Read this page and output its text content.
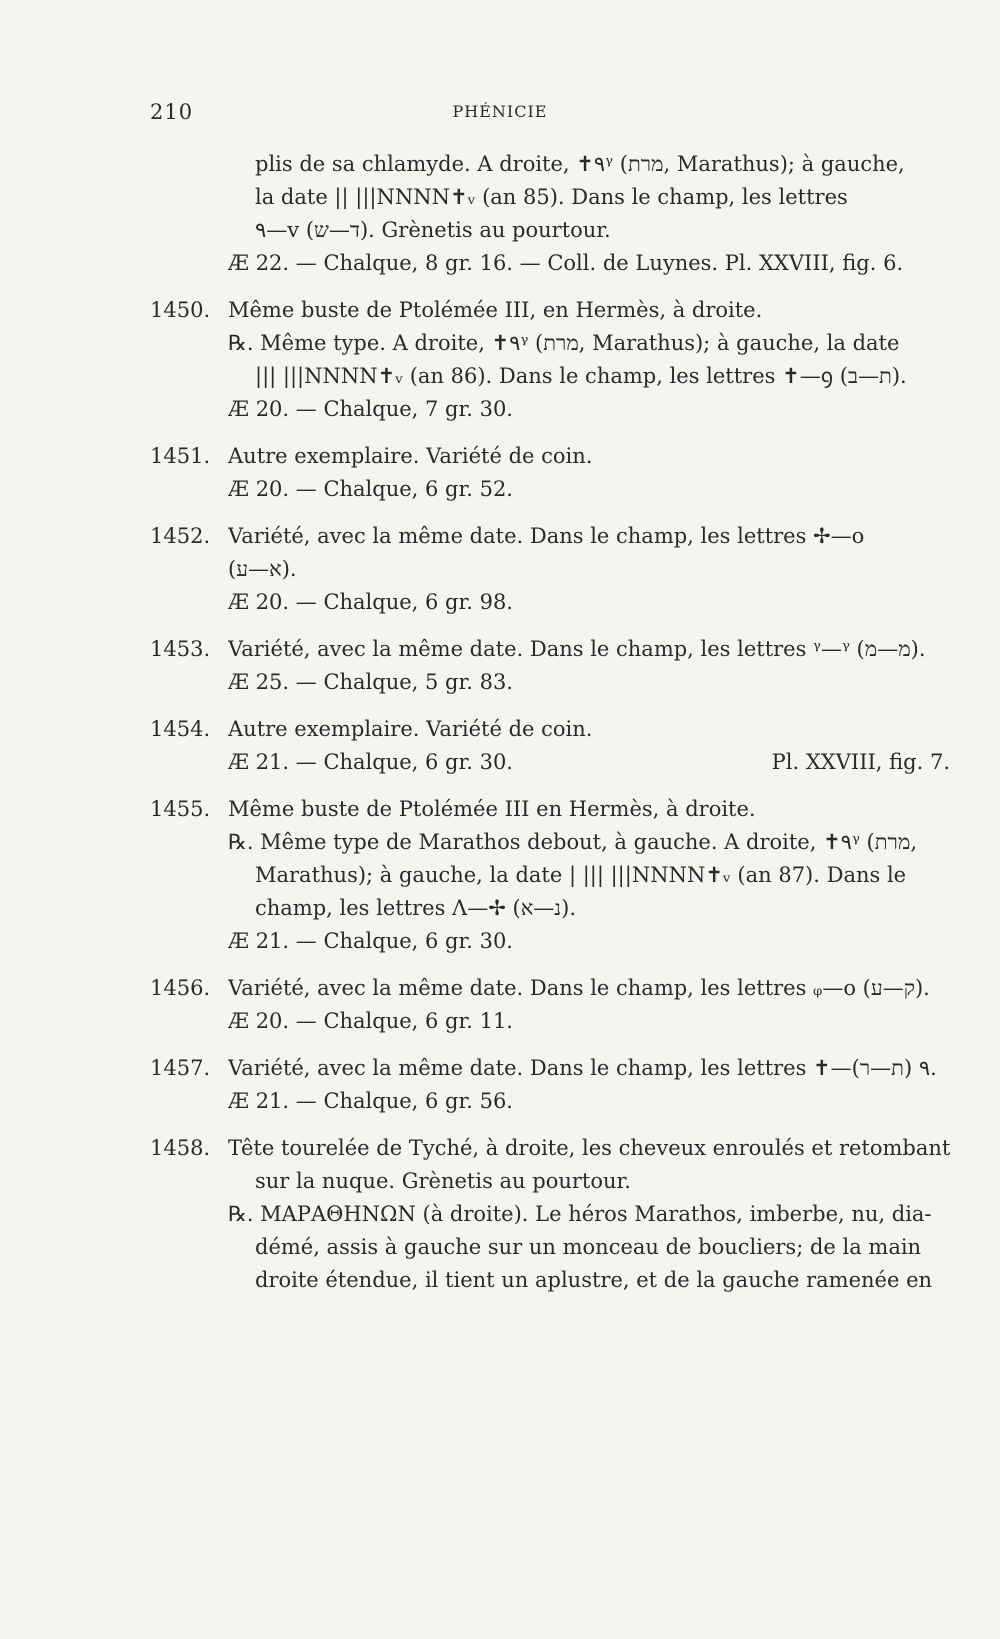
210	PHÉNICIE
plis de sa chlamyde. A droite, ✝٩ᵞ (מרת, Marathus); à gauche,
la date || |||ΝΝΝΝ✝ᵥ (an 85). Dans le champ, les lettres
٩—ᴠ (ד—ש). Grènetis au pourtour.
Æ 22. — Chalque, 8 gr. 16. — Coll. de Luynes. Pl. XXVIII, fig. 6.
1450. Même buste de Ptolémée III, en Hermès, à droite.
℞. Même type. A droite, ✝٩ᵞ (מרת, Marathus); à gauche, la date
||| |||ΝΝΝΝ✝ᵥ (an 86). Dans le champ, les lettres ✝—ꝯ (ת—ב).
Æ 20. — Chalque, 7 gr. 30.
1451. Autre exemplaire. Variété de coin.
Æ 20. — Chalque, 6 gr. 52.
1452. Variété, avec la même date. Dans le champ, les lettres ✢—ᴏ
(א—ע).
Æ 20. — Chalque, 6 gr. 98.
1453. Variété, avec la même date. Dans le champ, les lettres ᵞ—ᵞ (מ—מ).
Æ 25. — Chalque, 5 gr. 83.
1454. Autre exemplaire. Variété de coin.
Æ 21. — Chalque, 6 gr. 30.	Pl. XXVIII, fig. 7.
1455. Même buste de Ptolémée III en Hermès, à droite.
℞. Même type de Marathos debout, à gauche. A droite, ✝٩ᵞ (מרת,
Marathus); à gauche, la date | ||| |||ΝΝΝΝ✝ᵥ (an 87). Dans le
champ, les lettres Λ—✢ (נ—א).
Æ 21. — Chalque, 6 gr. 30.
1456. Variété, avec la même date. Dans le champ, les lettres ᵩ—ᴏ (ק—ע).
Æ 20. — Chalque, 6 gr. 11.
1457. Variété, avec la même date. Dans le champ, les lettres ✝—٩ (ת—ר).
Æ 21. — Chalque, 6 gr. 56.
1458. Tête tourelée de Tyché, à droite, les cheveux enroulés et retombant
sur la nuque. Grènetis au pourtour.
℞. ΜΑΡΑΘΗΝΩΝ (à droite). Le héros Marathos, imberbe, nu, dia-
démé, assis à gauche sur un monceau de boucliers; de la main
droite étendue, il tient un aplustre, et de la gauche ramenée en
